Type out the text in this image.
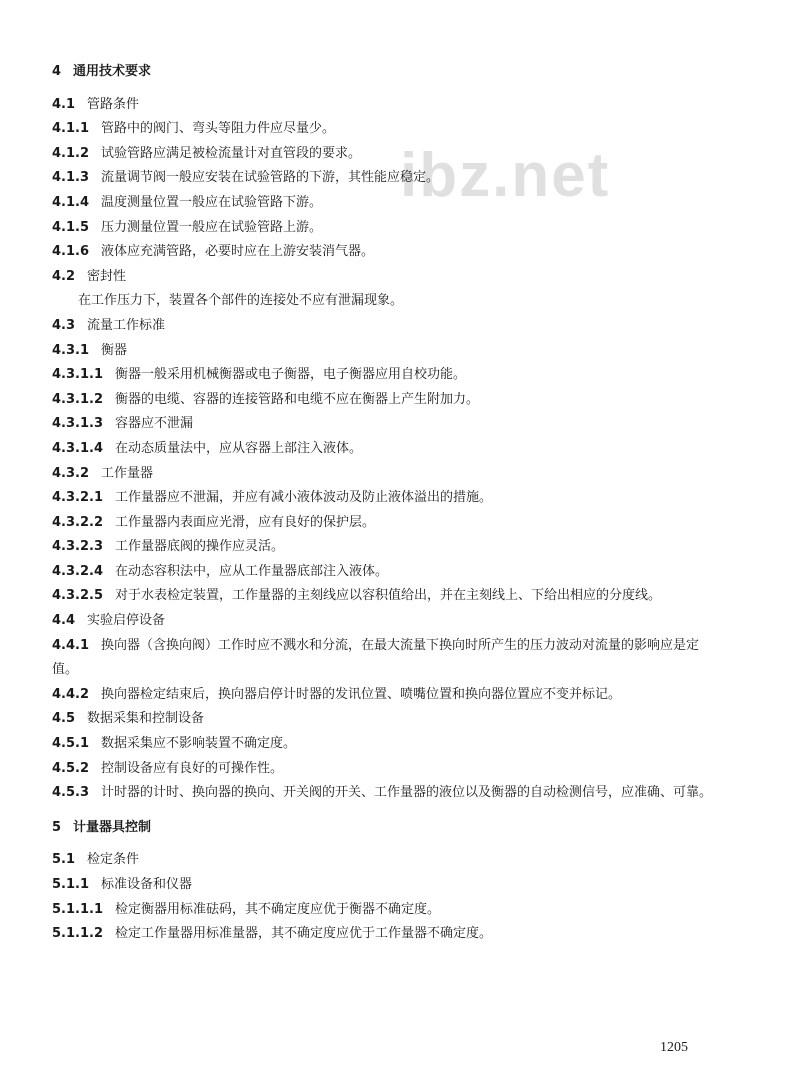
ibz.net
4 通用技术要求
4.1 管路条件
4.1.1 管路中的阀门、弯头等阻力件应尽量少。
4.1.2 试验管路应满足被检流量计对直管段的要求。
4.1.3 流量调节阀一般应安装在试验管路的下游，其性能应稳定。
4.1.4 温度测量位置一般应在试验管路下游。
4.1.5 压力测量位置一般应在试验管路上游。
4.1.6 液体应充满管路，必要时应在上游安装消气器。
4.2 密封性
在工作压力下，装置各个部件的连接处不应有泄漏现象。
4.3 流量工作标准
4.3.1 衡器
4.3.1.1 衡器一般采用机械衡器或电子衡器，电子衡器应用自校功能。
4.3.1.2 衡器的电缆、容器的连接管路和电缆不应在衡器上产生附加力。
4.3.1.3 容器应不泄漏
4.3.1.4 在动态质量法中，应从容器上部注入液体。
4.3.2 工作量器
4.3.2.1 工作量器应不泄漏，并应有减小液体波动及防止液体溢出的措施。
4.3.2.2 工作量器内表面应光滑，应有良好的保护层。
4.3.2.3 工作量器底阀的操作应灵活。
4.3.2.4 在动态容积法中，应从工作量器底部注入液体。
4.3.2.5 对于水表检定装置，工作量器的主刻线应以容积值给出，并在主刻线上、下给出相应的分度线。
4.4 实验启停设备
4.4.1 换向器（含换向阀）工作时应不溅水和分流，在最大流量下换向时所产生的压力波动对流量的影响应是定值。
4.4.2 换向器检定结束后，换向器启停计时器的发讯位置、喷嘴位置和换向器位置应不变并标记。
4.5 数据采集和控制设备
4.5.1 数据采集应不影响装置不确定度。
4.5.2 控制设备应有良好的可操作性。
4.5.3 计时器的计时、换向器的换向、开关阀的开关、工作量器的液位以及衡器的自动检测信号，应准确、可靠。
5 计量器具控制
5.1 检定条件
5.1.1 标准设备和仪器
5.1.1.1 检定衡器用标准砝码，其不确定度应优于衡器不确定度。
5.1.1.2 检定工作量器用标准量器，其不确定度应优于工作量器不确定度。
1205
